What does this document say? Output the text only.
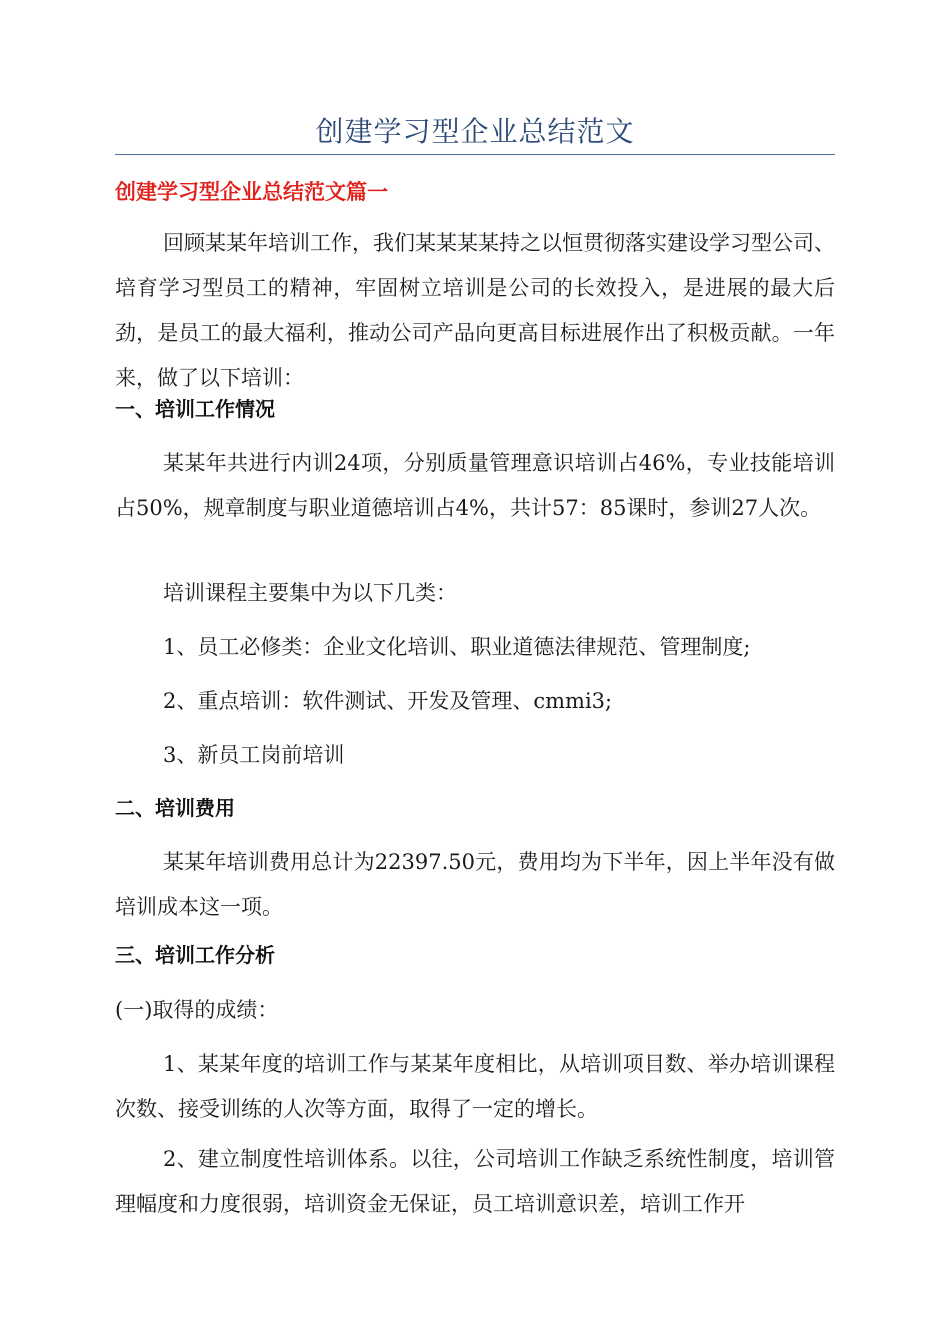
创建学习型企业总结范文
创建学习型企业总结范文篇一

回顾某某年培训工作，我们某某某某持之以恒贯彻落实建设学习型公司、培育学习型员工的精神，牢固树立培训是公司的长效投入，是进展的最大后劲，是员工的最大福利，推动公司产品向更高目标进展作出了积极贡献。一年来，做了以下培训：

一、培训工作情况

某某年共进行内训24项，分别质量管理意识培训占46%，专业技能培训占50%，规章制度与职业道德培训占4%，共计57：85课时，参训27人次。

培训课程主要集中为以下几类：

1、员工必修类：企业文化培训、职业道德法律规范、管理制度;

2、重点培训：软件测试、开发及管理、cmmi3;

3、新员工岗前培训

二、培训费用

某某年培训费用总计为22397.50元，费用均为下半年，因上半年没有做培训成本这一项。

三、培训工作分析

(一)取得的成绩：

1、某某年度的培训工作与某某年度相比，从培训项目数、举办培训课程次数、接受训练的人次等方面，取得了一定的增长。

2、建立制度性培训体系。以往，公司培训工作缺乏系统性制度，培训管理幅度和力度很弱，培训资金无保证，员工培训意识差，培训工作开
